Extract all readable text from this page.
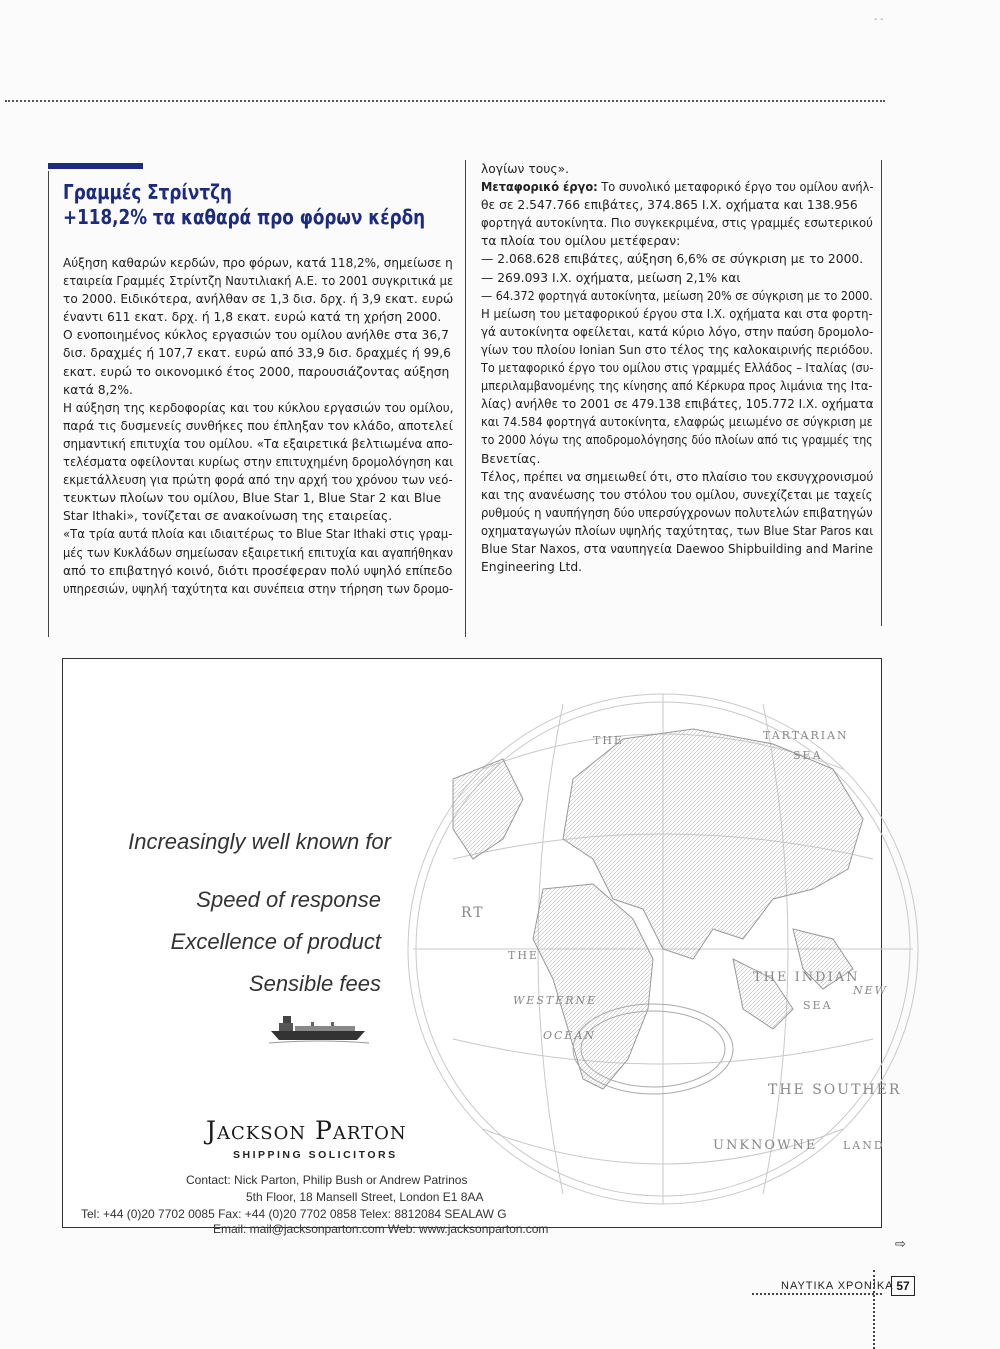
‐ ‐
Γραμμές Στρίντζη
+118,2% τα καθαρά προ φόρων κέρδη
Αύξηση καθαρών κερδών, προ φόρων, κατά 118,2%, σημείωσε η
εταιρεία Γραμμές Στρίντζη Ναυτιλιακή Α.Ε. το 2001 συγκριτικά με
το 2000. Ειδικότερα, ανήλθαν σε 1,3 δισ. δρχ. ή 3,9 εκατ. ευρώ
έναντι 611 εκατ. δρχ. ή 1,8 εκατ. ευρώ κατά τη χρήση 2000.
Ο ενοποιημένος κύκλος εργασιών του ομίλου ανήλθε στα 36,7
δισ. δραχμές ή 107,7 εκατ. ευρώ από 33,9 δισ. δραχμές ή 99,6
εκατ. ευρώ το οικονομικό έτος 2000, παρουσιάζοντας αύξηση
κατά 8,2%.
Η αύξηση της κερδοφορίας και του κύκλου εργασιών του ομίλου,
παρά τις δυσμενείς συνθήκες που έπληξαν τον κλάδο, αποτελεί
σημαντική επιτυχία του ομίλου. «Τα εξαιρετικά βελτιωμένα απο-
τελέσματα οφείλονται κυρίως στην επιτυχημένη δρομολόγηση και
εκμετάλλευση για πρώτη φορά από την αρχή του χρόνου των νεό-
τευκτων πλοίων του ομίλου, Blue Star 1, Blue Star 2 και Blue
Star Ithaki», τονίζεται σε ανακοίνωση της εταιρείας.
«Τα τρία αυτά πλοία και ιδιαιτέρως το Blue Star Ithaki στις γραμ-
μές των Κυκλάδων σημείωσαν εξαιρετική επιτυχία και αγαπήθηκαν
από το επιβατηγό κοινό, διότι προσέφεραν πολύ υψηλό επίπεδο
υπηρεσιών, υψηλή ταχύτητα και συνέπεια στην τήρηση των δρομο-
λογίων τους».
Μεταφορικό έργο: Το συνολικό μεταφορικό έργο του ομίλου ανήλ-
θε σε 2.547.766 επιβάτες, 374.865 Ι.Χ. οχήματα και 138.956
φορτηγά αυτοκίνητα. Πιο συγκεκριμένα, στις γραμμές εσωτερικού
τα πλοία του ομίλου μετέφεραν:
— 2.068.628 επιβάτες, αύξηση 6,6% σε σύγκριση με το 2000.
— 269.093 Ι.Χ. οχήματα, μείωση 2,1% και
— 64.372 φορτηγά αυτοκίνητα, μείωση 20% σε σύγκριση με το 2000.
Η μείωση του μεταφορικού έργου στα Ι.Χ. οχήματα και στα φορτη-
γά αυτοκίνητα οφείλεται, κατά κύριο λόγο, στην παύση δρομολο-
γίων του πλοίου Ionian Sun στο τέλος της καλοκαιρινής περιόδου.
Το μεταφορικό έργο του ομίλου στις γραμμές Ελλάδος – Ιταλίας (συ-
μπεριλαμβανομένης της κίνησης από Κέρκυρα προς λιμάνια της Ιτα-
λίας) ανήλθε το 2001 σε 479.138 επιβάτες, 105.772 Ι.Χ. οχήματα
και 74.584 φορτηγά αυτοκίνητα, ελαφρώς μειωμένο σε σύγκριση με
το 2000 λόγω της αποδρομολόγησης δύο πλοίων από τις γραμμές της
Βενετίας.
Τέλος, πρέπει να σημειωθεί ότι, στο πλαίσιο του εκσυγχρονισμού
και της ανανέωσης του στόλου του ομίλου, συνεχίζεται με ταχείς
ρυθμούς η ναυπήγηση δύο υπερσύγχρονων πολυτελών επιβατηγών
οχηματαγωγών πλοίων υψηλής ταχύτητας, των Blue Star Paros και
Blue Star Naxos, στα ναυπηγεία Daewoo Shipbuilding and Marine
Engineering Ltd.
THE	TARTARIAN
SEA
THE INDIAN
WESTERNE
OCEAN
SEA
THE SOUTHER
UNKNOWNE LAND
THE
NEW
RT
Increasingly well known for
Speed of response
Excellence of product
Sensible fees
Jackson Parton
SHIPPING SOLICITORS
Contact: Nick Parton, Philip Bush or Andrew Patrinos
5th Floor, 18 Mansell Street, London E1 8AA
Tel: +44 (0)20 7702 0085 Fax: +44 (0)20 7702 0858 Telex: 8812084 SEALAW G
Email: mail@jacksonparton.com Web: www.jacksonparton.com
⇨
ΝΑΥΤΙΚΑ ΧΡΟΝΙΚΑ 57
